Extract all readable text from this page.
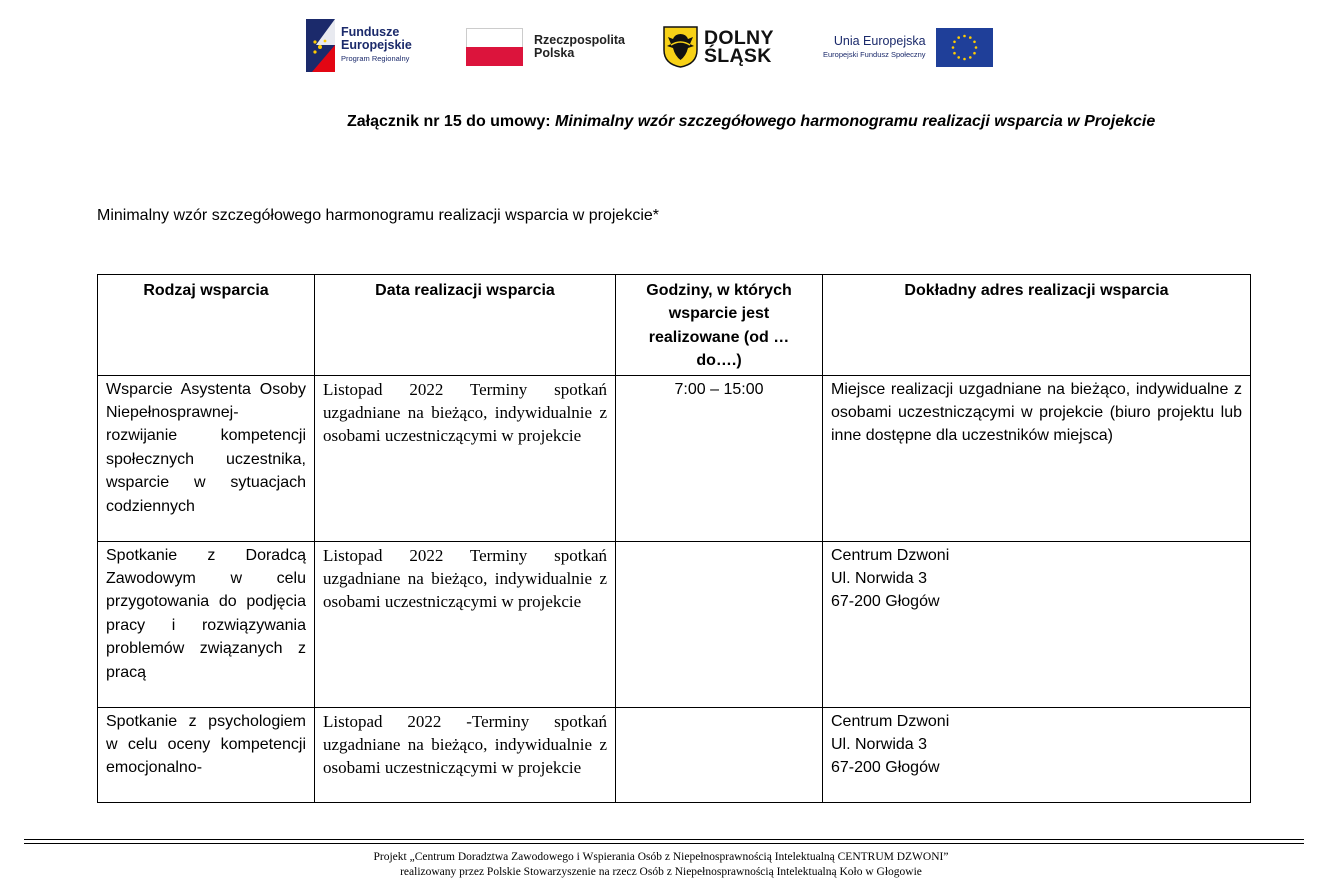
Fundusze
Europejskie
Program Regionalny
Rzeczpospolita
Polska
DOLNY
ŚLĄSK
Unia Europejska
Europejski Fundusz Społeczny
Załącznik nr 15 do umowy: Minimalny wzór szczegółowego harmonogramu realizacji wsparcia w Projekcie
Minimalny wzór szczegółowego harmonogramu realizacji wsparcia w projekcie*
Rodzaj wsparcia	Data realizacji wsparcia	Godziny, w których wsparcie jest realizowane (od … do….)	Dokładny adres realizacji wsparcia
Wsparcie Asystenta Osoby Niepełnosprawnej- rozwijanie kompetencji społecznych uczestnika, wsparcie w sytuacjach codziennych	Listopad 2022 Terminy spotkań uzgadniane na bieżąco, indywidualnie z osobami uczestniczącymi w projekcie	7:00 – 15:00	Miejsce realizacji uzgadniane na bieżąco, indywidualne z osobami uczestniczącymi w projekcie (biuro projektu lub inne dostępne dla uczestników miejsca)

Spotkanie z Doradcą Zawodowym w celu przygotowania do podjęcia pracy i rozwiązywania problemów związanych z pracą	Listopad 2022 Terminy spotkań uzgadniane na bieżąco, indywidualnie z osobami uczestniczącymi w projekcie		Centrum Dzwoni
Ul. Norwida 3
67-200 Głogów

Spotkanie z psychologiem w celu oceny kompetencji emocjonalno-	Listopad 2022 -Terminy spotkań uzgadniane na bieżąco, indywidualnie z osobami uczestniczącymi w projekcie		Centrum Dzwoni
Ul. Norwida 3
67-200 Głogów
Projekt „Centrum Doradztwa Zawodowego i Wspierania Osób z Niepełnosprawnością Intelektualną CENTRUM DZWONI”
realizowany przez Polskie Stowarzyszenie na rzecz Osób z Niepełnosprawnością Intelektualną Koło w Głogowie
